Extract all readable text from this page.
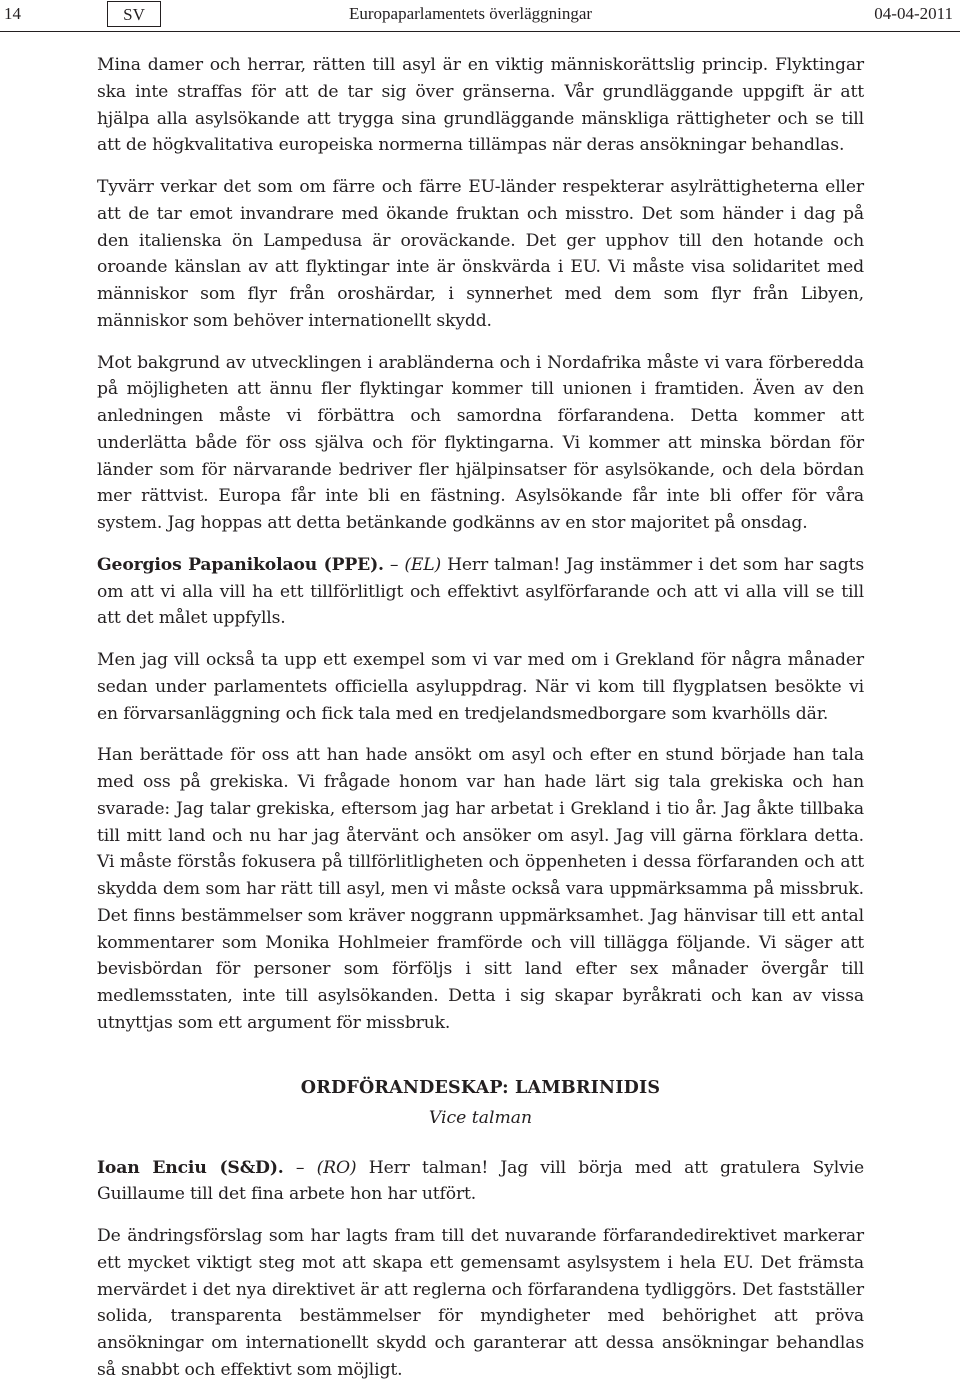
14	SV	Europaparlamentets överläggningar	04-04-2011

Mina damer och herrar, rätten till asyl är en viktig människorättslig princip. Flyktingar ska inte straffas för att de tar sig över gränserna. Vår grundläggande uppgift är att hjälpa alla asylsökande att trygga sina grundläggande mänskliga rättigheter och se till att de högkvalitativa europeiska normerna tillämpas när deras ansökningar behandlas.

Tyvärr verkar det som om färre och färre EU-länder respekterar asylrättigheterna eller att de tar emot invandrare med ökande fruktan och misstro. Det som händer i dag på den italienska ön Lampedusa är oroväckande. Det ger upphov till den hotande och oroande känslan av att flyktingar inte är önskvärda i EU. Vi måste visa solidaritet med människor som flyr från oroshärdar, i synnerhet med dem som flyr från Libyen, människor som behöver internationellt skydd.

Mot bakgrund av utvecklingen i arabländerna och i Nordafrika måste vi vara förberedda på möjligheten att ännu fler flyktingar kommer till unionen i framtiden. Även av den anledningen måste vi förbättra och samordna förfarandena. Detta kommer att underlätta både för oss själva och för flyktingarna. Vi kommer att minska bördan för länder som för närvarande bedriver fler hjälpinsatser för asylsökande, och dela bördan mer rättvist. Europa får inte bli en fästning. Asylsökande får inte bli offer för våra system. Jag hoppas att detta betänkande godkänns av en stor majoritet på onsdag.

Georgios Papanikolaou (PPE). – (EL) Herr talman! Jag instämmer i det som har sagts om att vi alla vill ha ett tillförlitligt och effektivt asylförfarande och att vi alla vill se till att det målet uppfylls.

Men jag vill också ta upp ett exempel som vi var med om i Grekland för några månader sedan under parlamentets officiella asyluppdrag. När vi kom till flygplatsen besökte vi en förvarsanläggning och fick tala med en tredjelandsmedborgare som kvarhölls där.

Han berättade för oss att han hade ansökt om asyl och efter en stund började han tala med oss på grekiska. Vi frågade honom var han hade lärt sig tala grekiska och han svarade: Jag talar grekiska, eftersom jag har arbetat i Grekland i tio år. Jag åkte tillbaka till mitt land och nu har jag återvänt och ansöker om asyl. Jag vill gärna förklara detta. Vi måste förstås fokusera på tillförlitligheten och öppenheten i dessa förfaranden och att skydda dem som har rätt till asyl, men vi måste också vara uppmärksamma på missbruk. Det finns bestämmelser som kräver noggrann uppmärksamhet. Jag hänvisar till ett antal kommentarer som Monika Hohlmeier framförde och vill tillägga följande. Vi säger att bevisbördan för personer som förföljs i sitt land efter sex månader övergår till medlemsstaten, inte till asylsökanden. Detta i sig skapar byråkrati och kan av vissa utnyttjas som ett argument för missbruk.

ORDFÖRANDESKAP: LAMBRINIDIS
Vice talman

Ioan Enciu (S&D). – (RO) Herr talman! Jag vill börja med att gratulera Sylvie Guillaume till det fina arbete hon har utfört.

De ändringsförslag som har lagts fram till det nuvarande förfarandedirektivet markerar ett mycket viktigt steg mot att skapa ett gemensamt asylsystem i hela EU. Det främsta mervärdet i det nya direktivet är att reglerna och förfarandena tydliggörs. Det fastställer solida, transparenta bestämmelser för myndigheter med behörighet att pröva ansökningar om internationellt skydd och garanterar att dessa ansökningar behandlas så snabbt och effektivt som möjligt.
